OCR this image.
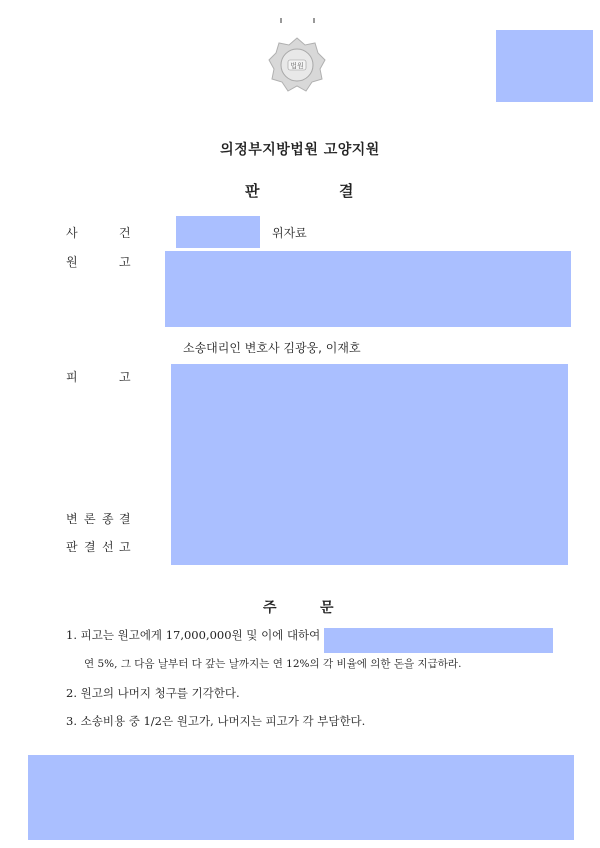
법원
의정부지방법원 고양지원
판	결
사	건	위자료
원	고
소송대리인 변호사 김광웅, 이재호
피	고
변 론 종 결
판 결 선 고
주	문
1. 피고는 원고에게 17,000,000원 및 이에 대하여
연 5%, 그 다음 날부터 다 갚는 날까지는 연 12%의 각 비율에 의한 돈을 지급하라.
2. 원고의 나머지 청구를 기각한다.
3. 소송비용 중 1/2은 원고가, 나머지는 피고가 각 부담한다.
